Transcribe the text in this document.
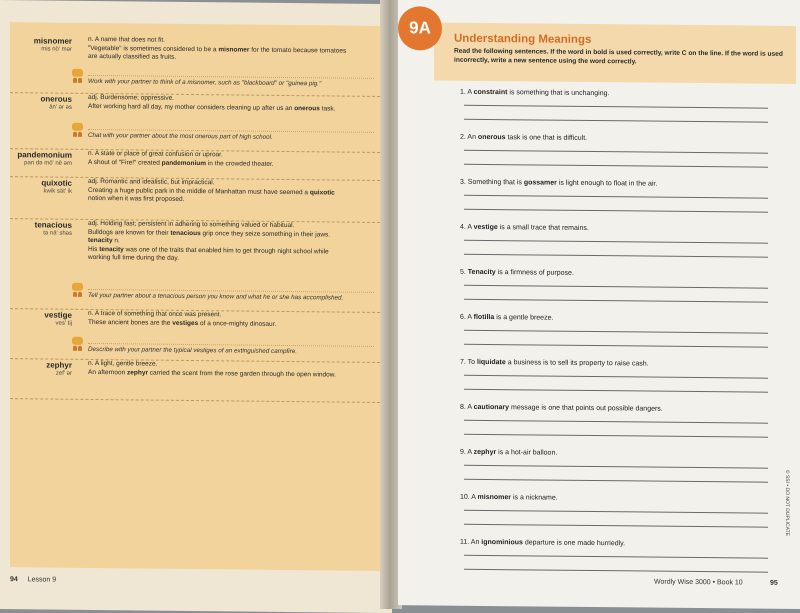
misnomer
mis nō′ mər
n. A name that does not fit.
"Vegetable" is sometimes considered to be a misnomer for the tomato because tomatoes
are actually classified as fruits.
Work with your partner to think of a misnomer, such as "blackboard" or "guinea pig."
onerous
än′ ər əs
adj. Burdensome; oppressive.
After working hard all day, my mother considers cleaning up after us an onerous task.
Chat with your partner about the most onerous part of high school.
pandemonium
pan də mō′ nē əm
n. A state or place of great confusion or uproar.
A shout of "Fire!" created pandemonium in the crowded theater.
quixotic
kwik sät′ ik
adj. Romantic and idealistic, but impractical.
Creating a huge public park in the middle of Manhattan must have seemed a quixotic
notion when it was first proposed.
tenacious
tə nā′ shəs
adj. Holding fast; persistent in adhering to something valued or habitual.
Bulldogs are known for their tenacious grip once they seize something in their jaws.
tenacity n.
His tenacity was one of the traits that enabled him to get through night school while
working full time during the day.
Tell your partner about a tenacious person you know and what he or she has accomplished.
vestige
ves′ tij
n. A trace of something that once was present.
These ancient bones are the vestiges of a once-mighty dinosaur.
Describe with your partner the typical vestiges of an extinguished campfire.
zephyr
zef′ ər
n. A light, gentle breeze.
An afternoon zephyr carried the scent from the rose garden through the open window.
94 Lesson 9
9A
Understanding Meanings
Read the following sentences. If the word in bold is used correctly, write C on the line. If the word is used incorrectly, write a new sentence using the word correctly.
1. A constraint is something that is unchanging.
2. An onerous task is one that is difficult.
3. Something that is gossamer is light enough to float in the air.
4. A vestige is a small trace that remains.
5. Tenacity is a firmness of purpose.
6. A flotilla is a gentle breeze.
7. To liquidate a business is to sell its property to raise cash.
8. A cautionary message is one that points out possible dangers.
9. A zephyr is a hot-air balloon.
10. A misnomer is a nickname.
11. An ignominious departure is one made hurriedly.
Wordly Wise 3000 • Book 10	95
© SSI • DO NOT DUPLICATE
